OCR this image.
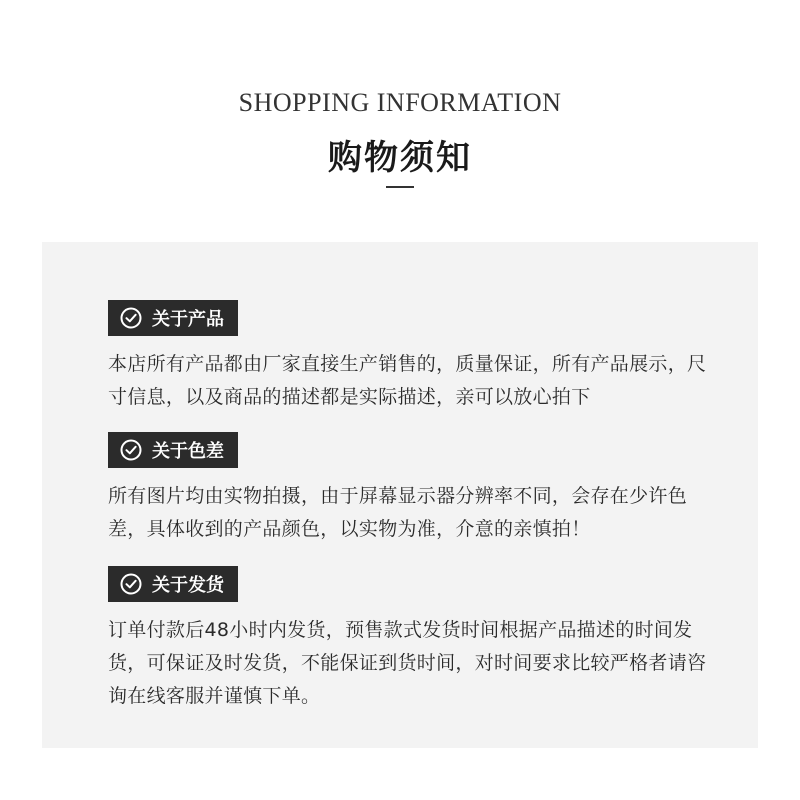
SHOPPING INFORMATION
购物须知
关于产品
本店所有产品都由厂家直接生产销售的，质量保证，所有产品展示，尺寸信息，以及商品的描述都是实际描述，亲可以放心拍下
关于色差
所有图片均由实物拍摄，由于屏幕显示器分辨率不同，会存在少许色差，具体收到的产品颜色，以实物为准，介意的亲慎拍！
关于发货
订单付款后48小时内发货，预售款式发货时间根据产品描述的时间发货，可保证及时发货，不能保证到货时间，对时间要求比较严格者请咨询在线客服并谨慎下单。
